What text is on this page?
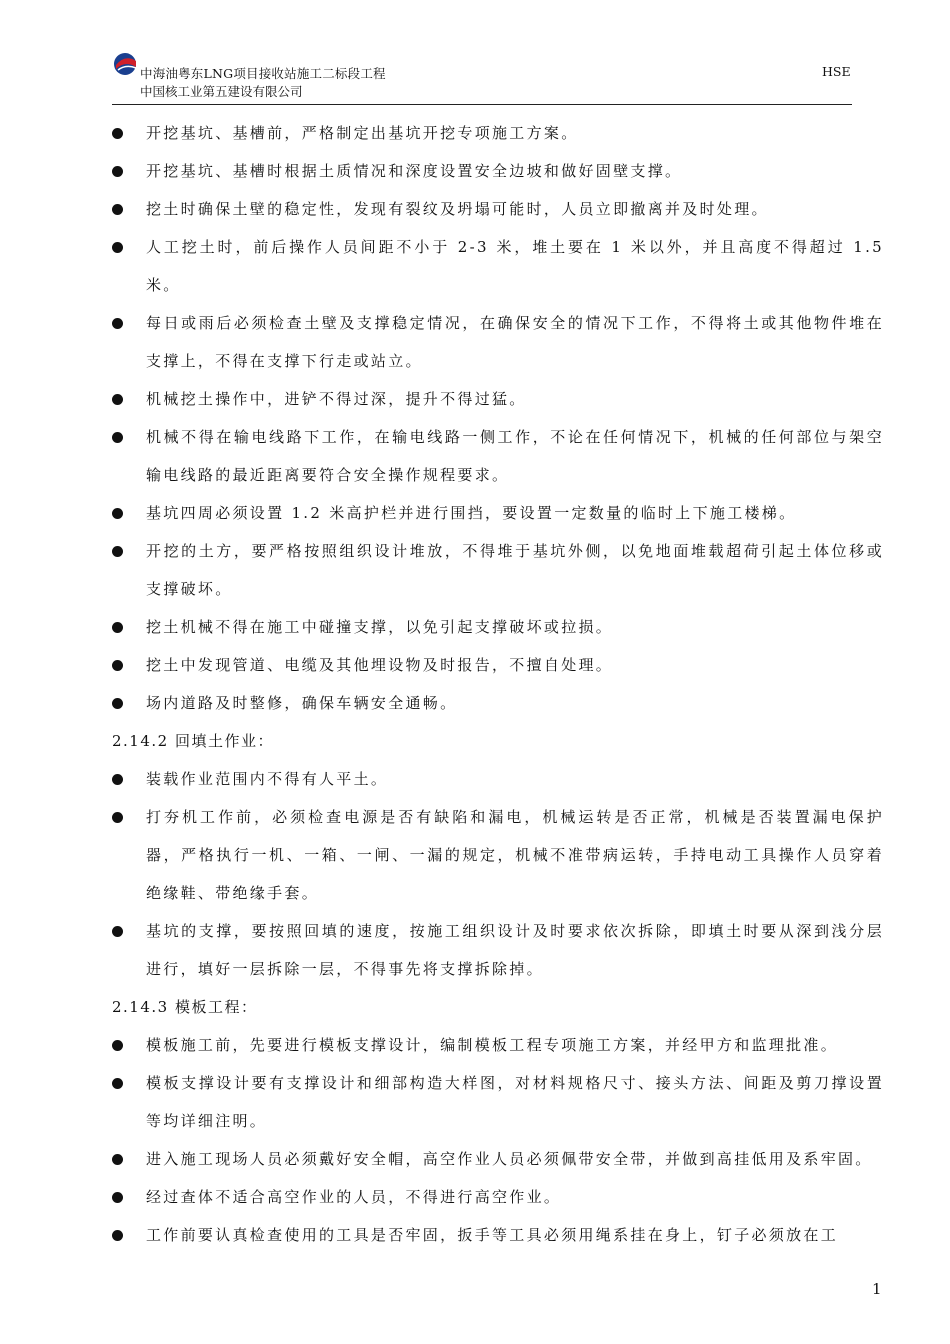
中海油粤东LNG项目接收站施工二标段工程	HSE
中国核工业第五建设有限公司
开挖基坑、基槽前，严格制定出基坑开挖专项施工方案。
开挖基坑、基槽时根据土质情况和深度设置安全边坡和做好固壁支撑。
挖土时确保土壁的稳定性，发现有裂纹及坍塌可能时，人员立即撤离并及时处理。
人工挖土时，前后操作人员间距不小于 2-3 米，堆土要在 1 米以外，并且高度不得超过 1.5 米。
每日或雨后必须检查土壁及支撑稳定情况，在确保安全的情况下工作，不得将土或其他物件堆在支撑上，不得在支撑下行走或站立。
机械挖土操作中，进铲不得过深，提升不得过猛。
机械不得在输电线路下工作，在输电线路一侧工作，不论在任何情况下，机械的任何部位与架空输电线路的最近距离要符合安全操作规程要求。
基坑四周必须设置 1.2 米高护栏并进行围挡，要设置一定数量的临时上下施工楼梯。
开挖的土方，要严格按照组织设计堆放，不得堆于基坑外侧，以免地面堆载超荷引起土体位移或支撑破坏。
挖土机械不得在施工中碰撞支撑，以免引起支撑破坏或拉损。
挖土中发现管道、电缆及其他埋设物及时报告，不擅自处理。
场内道路及时整修，确保车辆安全通畅。
2.14.2 回填土作业：
装载作业范围内不得有人平土。
打夯机工作前，必须检查电源是否有缺陷和漏电，机械运转是否正常，机械是否装置漏电保护器，严格执行一机、一箱、一闸、一漏的规定，机械不准带病运转，手持电动工具操作人员穿着绝缘鞋、带绝缘手套。
基坑的支撑，要按照回填的速度，按施工组织设计及时要求依次拆除，即填土时要从深到浅分层进行，填好一层拆除一层，不得事先将支撑拆除掉。
2.14.3 模板工程：
模板施工前，先要进行模板支撑设计，编制模板工程专项施工方案，并经甲方和监理批准。
模板支撑设计要有支撑设计和细部构造大样图，对材料规格尺寸、接头方法、间距及剪刀撑设置等均详细注明。
进入施工现场人员必须戴好安全帽，高空作业人员必须佩带安全带，并做到高挂低用及系牢固。
经过查体不适合高空作业的人员，不得进行高空作业。
工作前要认真检查使用的工具是否牢固，扳手等工具必须用绳系挂在身上，钉子必须放在工
1
